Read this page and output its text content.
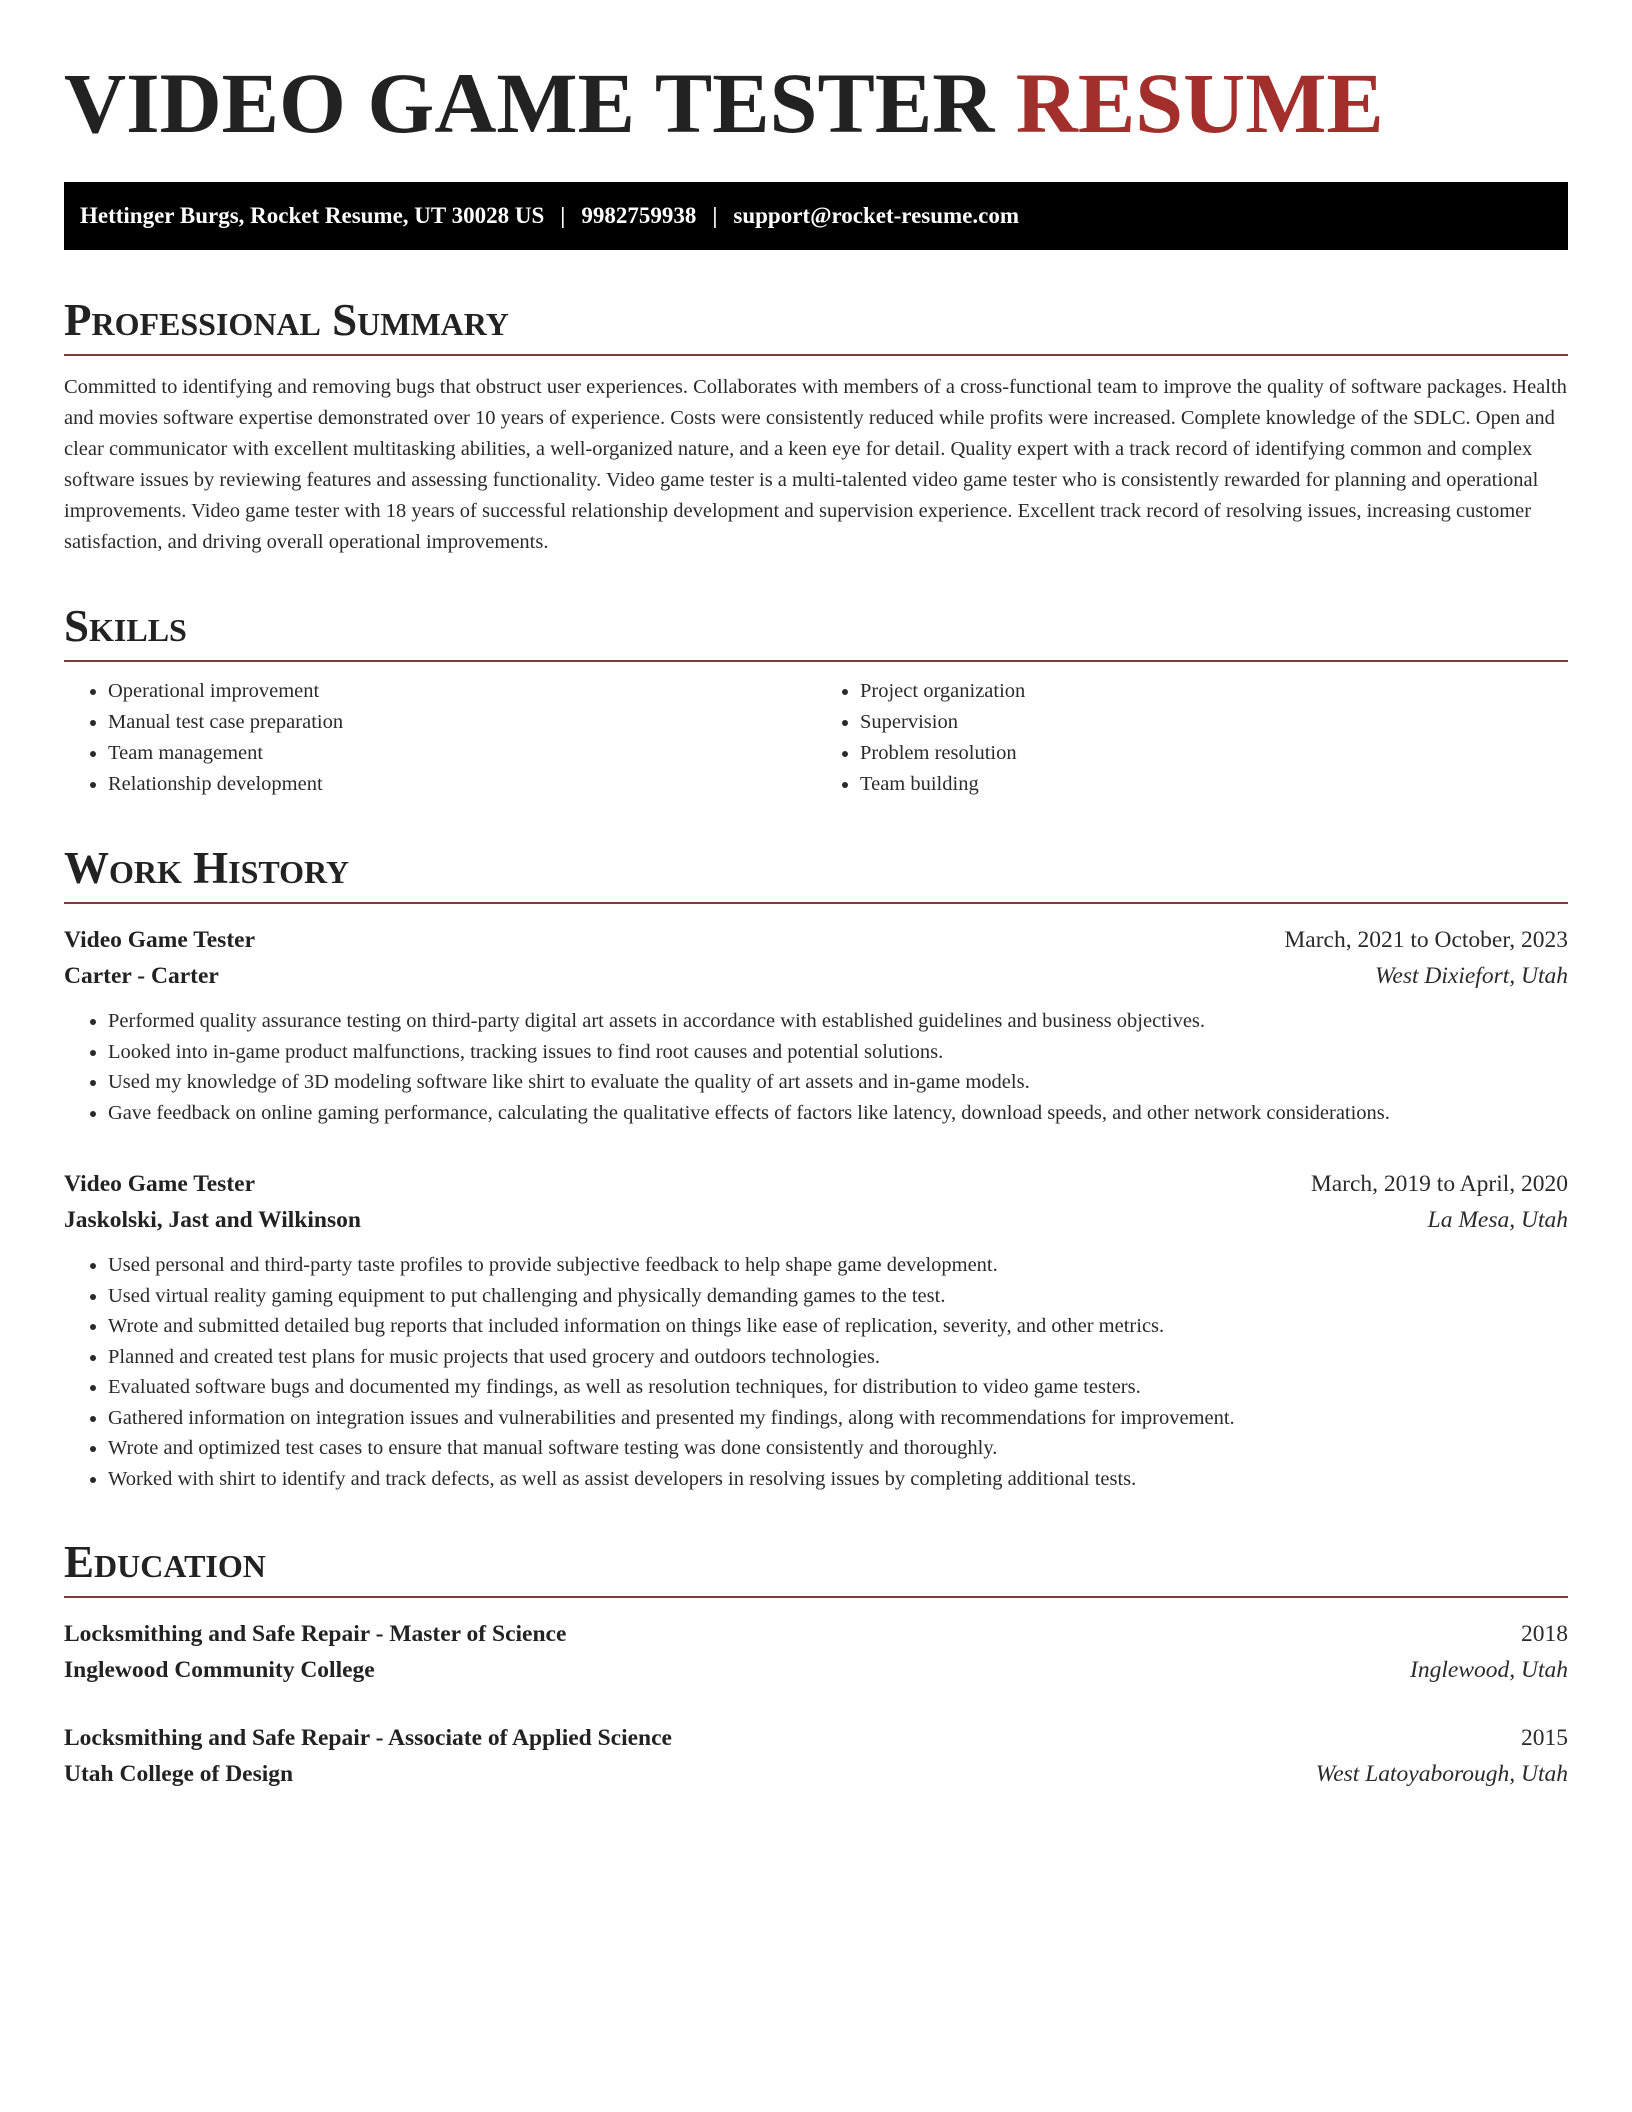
VIDEO GAME TESTER RESUME
Hettinger Burgs, Rocket Resume, UT 30028 US | 9982759938 | support@rocket-resume.com
Professional Summary

Committed to identifying and removing bugs that obstruct user experiences. Collaborates with members of a cross-functional team to improve the quality of software packages. Health and movies software expertise demonstrated over 10 years of experience. Costs were consistently reduced while profits were increased. Complete knowledge of the SDLC. Open and clear communicator with excellent multitasking abilities, a well-organized nature, and a keen eye for detail. Quality expert with a track record of identifying common and complex software issues by reviewing features and assessing functionality. Video game tester is a multi-talented video game tester who is consistently rewarded for planning and operational improvements. Video game tester with 18 years of successful relationship development and supervision experience. Excellent track record of resolving issues, increasing customer satisfaction, and driving overall operational improvements.

Skills
• Operational improvement
• Manual test case preparation
• Team management
• Relationship development
• Project organization
• Supervision
• Problem resolution
• Team building
Work History
Video Game Tester	March, 2021 to October, 2023
Carter - Carter	West Dixiefort, Utah
• Performed quality assurance testing on third-party digital art assets in accordance with established guidelines and business objectives.
• Looked into in-game product malfunctions, tracking issues to find root causes and potential solutions.
• Used my knowledge of 3D modeling software like shirt to evaluate the quality of art assets and in-game models.
• Gave feedback on online gaming performance, calculating the qualitative effects of factors like latency, download speeds, and other network considerations.
Video Game Tester	March, 2019 to April, 2020
Jaskolski, Jast and Wilkinson	La Mesa, Utah
• Used personal and third-party taste profiles to provide subjective feedback to help shape game development.
• Used virtual reality gaming equipment to put challenging and physically demanding games to the test.
• Wrote and submitted detailed bug reports that included information on things like ease of replication, severity, and other metrics.
• Planned and created test plans for music projects that used grocery and outdoors technologies.
• Evaluated software bugs and documented my findings, as well as resolution techniques, for distribution to video game testers.
• Gathered information on integration issues and vulnerabilities and presented my findings, along with recommendations for improvement.
• Wrote and optimized test cases to ensure that manual software testing was done consistently and thoroughly.
• Worked with shirt to identify and track defects, as well as assist developers in resolving issues by completing additional tests.
Education
Locksmithing and Safe Repair - Master of Science	2018
Inglewood Community College	Inglewood, Utah
Locksmithing and Safe Repair - Associate of Applied Science	2015
Utah College of Design	West Latoyaborough, Utah
